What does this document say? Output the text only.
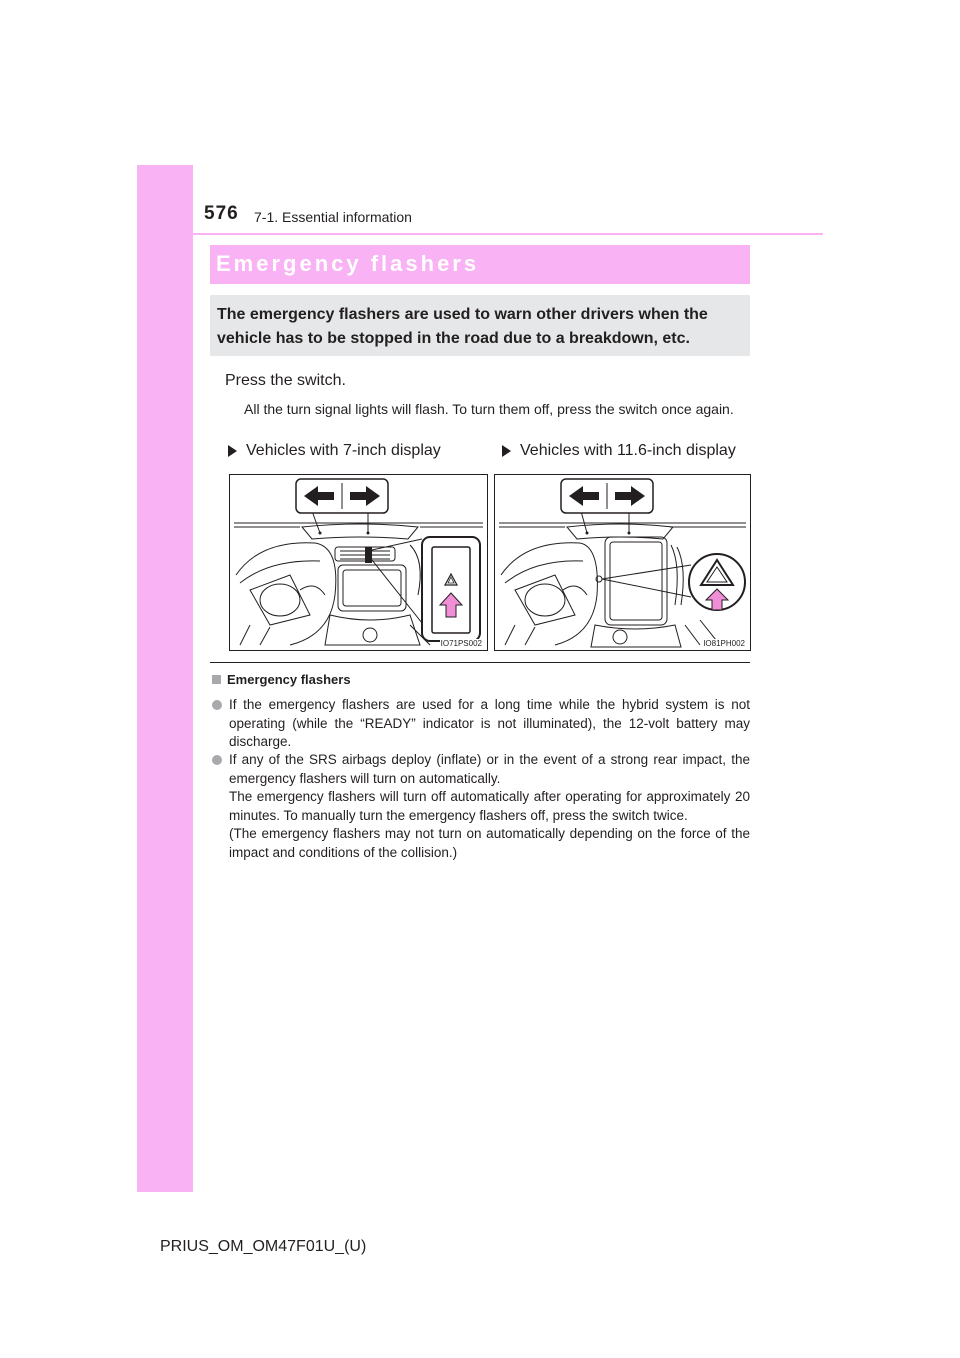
576 7-1. Essential information
Emergency flashers
The emergency flashers are used to warn other drivers when the vehicle has to be stopped in the road due to a breakdown, etc.
Press the switch.
All the turn signal lights will flash. To turn them off, press the switch once again.
Vehicles with 7-inch display	Vehicles with 11.6-inch display
IO71PS002	IO81PH002
Emergency flashers

If the emergency flashers are used for a long time while the hybrid system is not operating (while the “READY” indicator is not illuminated), the 12-volt battery may discharge.

If any of the SRS airbags deploy (inflate) or in the event of a strong rear impact, the emergency flashers will turn on automatically.

The emergency flashers will turn off automatically after operating for approximately 20 minutes. To manually turn the emergency flashers off, press the switch twice.

(The emergency flashers may not turn on automatically depending on the force of the impact and conditions of the collision.)

PRIUS_OM_OM47F01U_(U)
